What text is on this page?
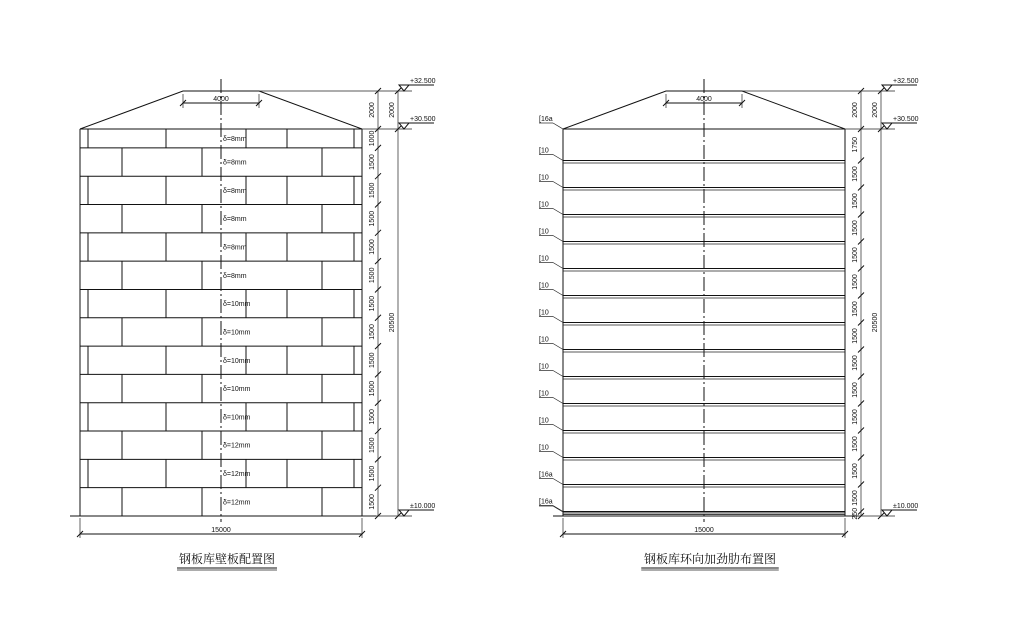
4000
δ=8mm
δ=8mm
δ=8mm
δ=8mm
δ=8mm
δ=8mm
δ=10mm
δ=10mm
δ=10mm
δ=10mm
δ=10mm
δ=12mm
δ=12mm
δ=12mm
1000
1500
1500
1500
1500
1500
1500
1500
1500
1500
1500
1500
1500
1500
2000 2000
20500
+32.500
+30.500
±10.000
15000
钢板库壁板配置图
4000
[16a
[10
[10
[10
[10
[10
[10
[10
[10
[10
[10
[10
[10
[16a
[16a
1750
1500
1500
1500
1500
1500
1500
1500
1500
1500
1500
1500
1500
1500
250
2000 2000
20500
+32.500
+30.500
±10.000
15000
钢板库环向加劲肋布置图
